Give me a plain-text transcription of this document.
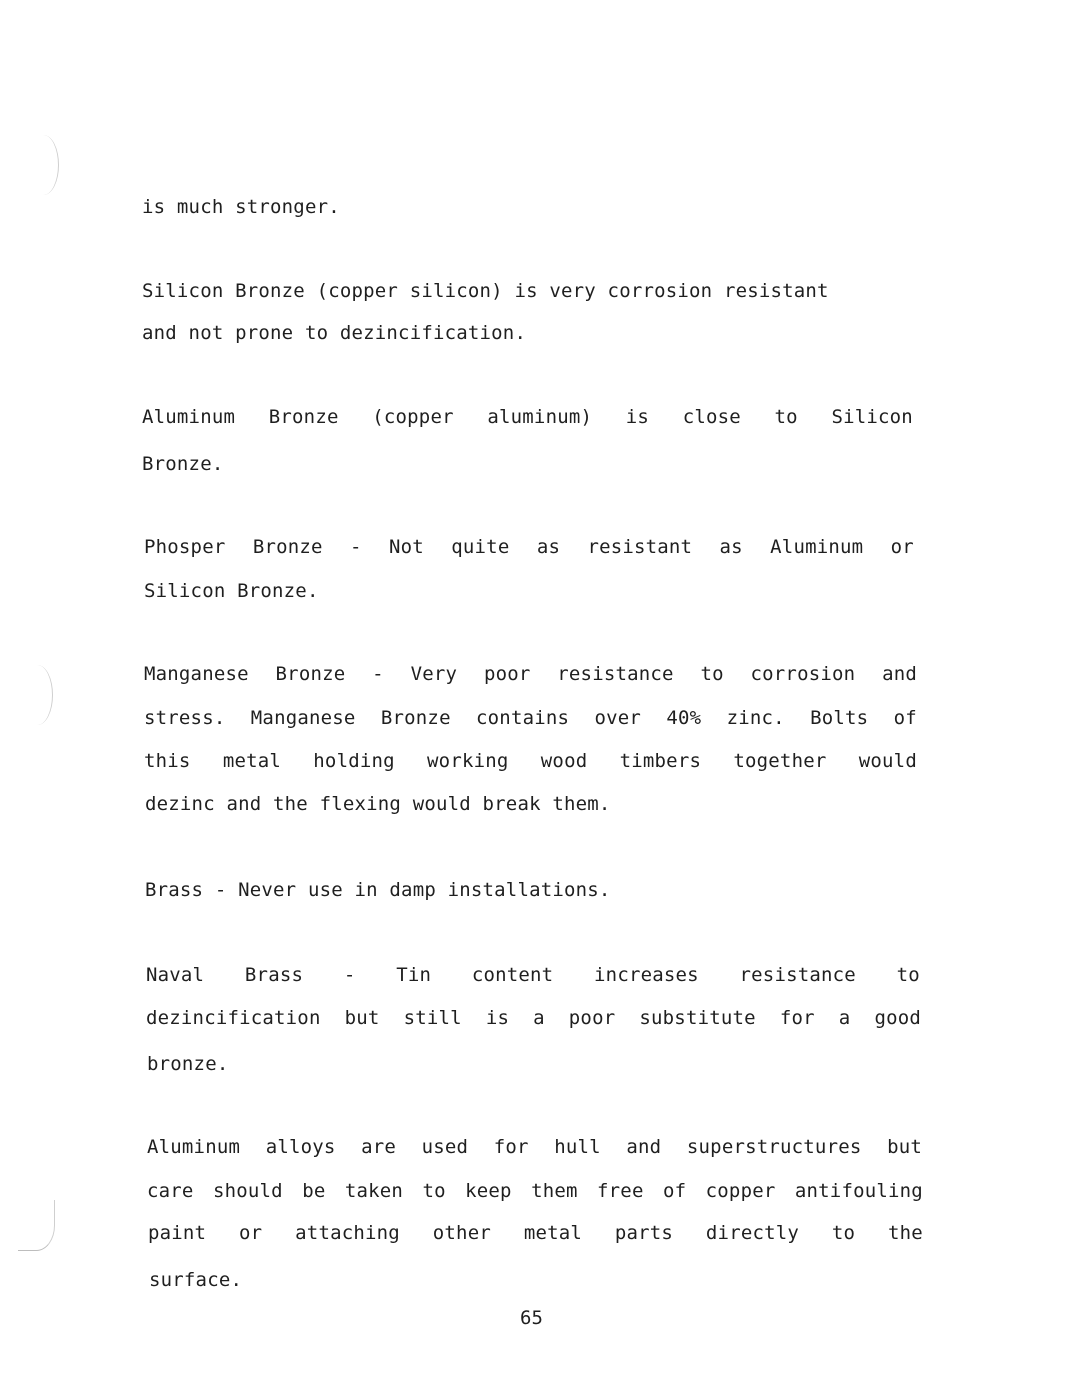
is much stronger.
Silicon Bronze (copper silicon) is very corrosion resistant
and not prone to dezincification.
Aluminum Bronze (copper aluminum) is close to Silicon
Bronze.
Phosper Bronze - Not quite as resistant as Aluminum or
Silicon Bronze.
Manganese Bronze - Very poor resistance to corrosion and
stress. Manganese Bronze contains over 40% zinc. Bolts of
this metal holding working wood timbers together would
dezinc and the flexing would break them.
Brass - Never use in damp installations.
Naval Brass - Tin content increases resistance to
dezincification but still is a poor substitute for a good
bronze.
Aluminum alloys are used for hull and superstructures but
care should be taken to keep them free of copper antifouling
paint or attaching other metal parts directly to the
surface.
65
